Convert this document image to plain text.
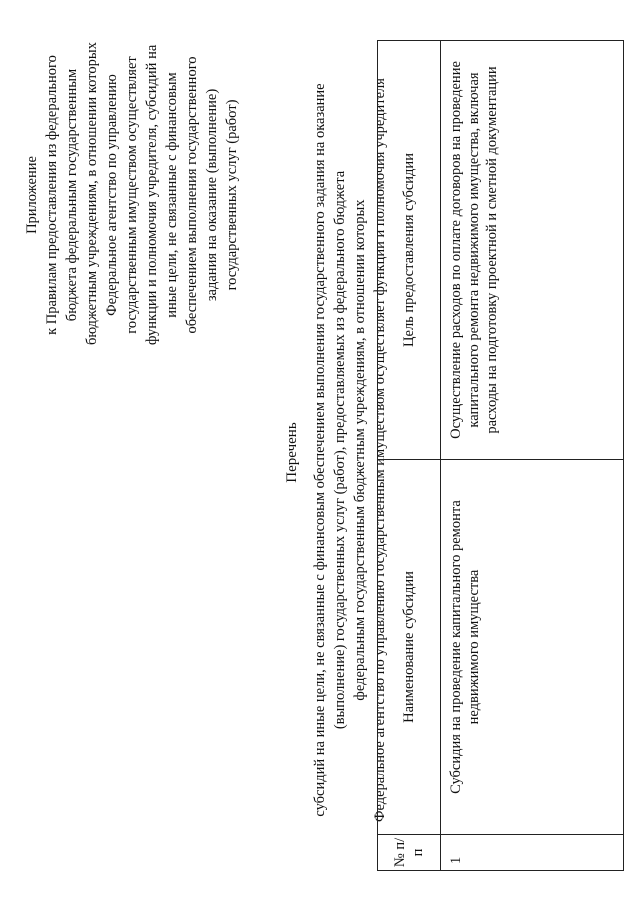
Приложение к Правилам предоставления из федерального бюджета федеральным государственным бюджетным учреждениям, в отношении которых Федеральное агентство по управлению государственным имуществом осуществляет функции и полномочия учредителя, субсидий на иные цели, не связанные с финансовым обеспечением выполнения государственного задания на оказание (выполнение) государственных услуг (работ)
Перечень субсидий на иные цели, не связанные с финансовым обеспечением выполнения государственного задания на оказание (выполнение) государственных услуг (работ), предоставляемых из федерального бюджета федеральным государственным бюджетным учреждениям, в отношении которых Федеральное агентство по управлению государственным имуществом осуществляет функции и полномочия учредителя
№ п/п	Наименование субсидии	Цель предоставления субсидии
1	Субсидия на проведение капитального ремонта недвижимого имущества	Осуществление расходов по оплате договоров на проведение капитального ремонта недвижимого имущества, включая расходы на подготовку проектной и сметной документации
